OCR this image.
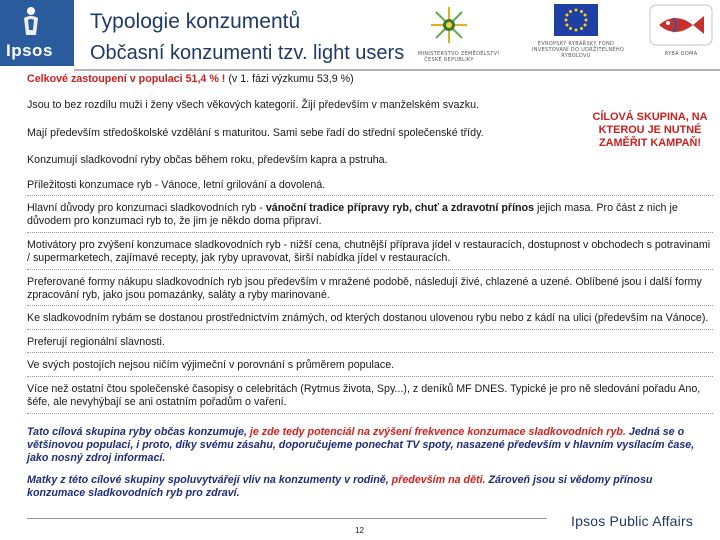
Ipsos
Typologie konzumentů
Občasní konzumenti tzv. light users	MINISTERSTVO ZEMĚDĚLSTVÍ
ČESKÉ REPUBLIKY
EVROPSKÝ RYBÁŘSKÝ FOND
INVESTOVÁNÍ DO UDRŽITELNÉHO
RYBOLOVU	RYBA DOMA

Celkové zastoupení v populaci 51,4 % ! (v 1. fázi výzkumu 53,9 %)

Jsou to bez rozdílu muži i ženy všech věkových kategorií. Žijí především v manželském svazku.

Mají především středoškolské vzdělání s maturitou. Sami sebe řadí do střední společenské třídy.

Konzumují sladkovodní ryby občas během roku, především kapra a pstruha.

Příležitosti konzumace ryb - Vánoce, letní grilování a dovolená.

Hlavní důvody pro konzumaci sladkovodních ryb - vánoční tradice přípravy ryb, chuť a zdravotní přínos jejich masa. Pro část z nich je důvodem pro konzumaci ryb to, že jim je někdo doma připraví.

Motivátory pro zvýšení konzumace sladkovodních ryb - nižší cena, chutnější příprava jídel v restauracích, dostupnost v obchodech s potravinami / supermarketech, zajímavé recepty, jak ryby upravovat, širší nabídka jídel v restauracích.

Preferované formy nákupu sladkovodních ryb jsou především v mražené podobě, následují živé, chlazené a uzené. Oblíbené jsou i další formy zpracování ryb, jako jsou pomazánky, saláty a ryby marinované.

Ke sladkovodním rybám se dostanou prostřednictvím známých, od kterých dostanou ulovenou rybu nebo z kádí na ulici (především na Vánoce).

Preferují regionální slavnosti.

Ve svých postojích nejsou ničím výjimeční v porovnání s průměrem populace.

Více než ostatní čtou společenské časopisy o celebritách (Rytmus života, Spy...), z deníků MF DNES. Typické je pro ně sledování pořadu Ano, šéfe, ale nevyhýbají se ani ostatním pořadům o vaření.

Tato cílová skupina ryby občas konzumuje, je zde tedy potenciál na zvýšení frekvence konzumace sladkovodních ryb. Jedná se o většinovou populaci, i proto, díky svému zásahu, doporučujeme ponechat TV spoty, nasazené především v hlavním vysílacím čase, jako nosný zdroj informací.

Matky z této cílové skupiny spoluvytvářejí vliv na konzumenty v rodině, především na děti. Zároveň jsou si vědomy přínosu konzumace sladkovodních ryb pro zdraví.

CÍLOVÁ SKUPINA, NA KTEROU JE NUTNÉ ZAMĚŘIT KAMPAŇ!
12
Ipsos Public Affairs
